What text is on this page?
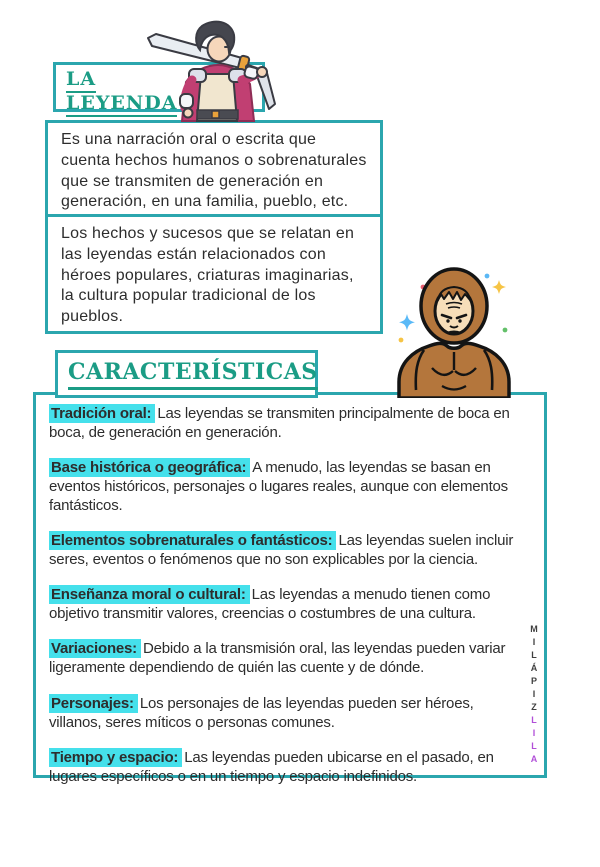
LA
LEYENDA
Es una narración oral o escrita que cuenta hechos humanos o sobrenaturales que se transmiten de generación en generación, en una familia, pueblo, etc.
Los hechos y sucesos que se relatan en las leyendas están relacionados con héroes populares, criaturas imaginarias, la cultura popular tradicional de los pueblos.
CARACTERÍSTICAS

Tradición oral: Las leyendas se transmiten principalmente de boca en boca, de generación en generación.

Base histórica o geográfica: A menudo, las leyendas se basan en eventos históricos, personajes o lugares reales, aunque con elementos fantásticos.

Elementos sobrenaturales o fantásticos: Las leyendas suelen incluir seres, eventos o fenómenos que no son explicables por la ciencia.

Enseñanza moral o cultural: Las leyendas a menudo tienen como objetivo transmitir valores, creencias o costumbres de una cultura.

Variaciones: Debido a la transmisión oral, las leyendas pueden variar ligeramente dependiendo de quién las cuente y de dónde.

Personajes: Los personajes de las leyendas pueden ser héroes, villanos, seres míticos o personas comunes.

Tiempo y espacio: Las leyendas pueden ubicarse en el pasado, en lugares específicos o en un tiempo y espacio indefinidos.

MILÁPIZLILA
